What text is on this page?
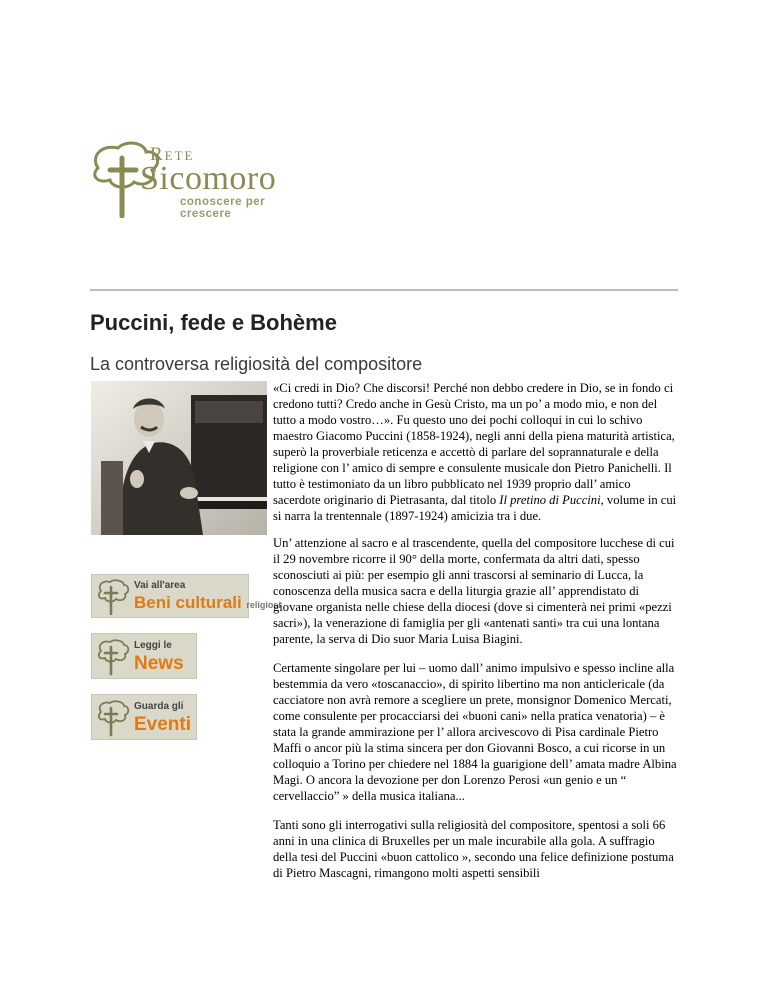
Rete
Sicomoro
conoscere per crescere
Puccini, fede e Bohème
La controversa religiosità del compositore
Vai all'area
Beni culturali religiosi
Leggi le
News
Guarda gli
Eventi

«Ci credi in Dio? Che discorsi! Perché non debbo credere in Dio, se in fondo ci credono tutti? Credo anche in Gesù Cristo, ma un po’ a modo mio, e non del tutto a modo vostro…». Fu questo uno dei pochi colloqui in cui lo schivo maestro Giacomo Puccini (1858-1924), negli anni della piena maturità artistica, superò la proverbiale reticenza e accettò di parlare del soprannaturale e della religione con l’ amico di sempre e consulente musicale don Pietro Panichelli. Il tutto è testimoniato da un libro pubblicato nel 1939 proprio dall’ amico sacerdote originario di Pietrasanta, dal titolo Il pretino di Puccini, volume in cui si narra la trentennale (1897-1924) amicizia tra i due.

Un’ attenzione al sacro e al trascendente, quella del compositore lucchese di cui il 29 novembre ricorre il 90° della morte, confermata da altri dati, spesso sconosciuti ai più: per esempio gli anni trascorsi al seminario di Lucca, la conoscenza della musica sacra e della liturgia grazie all’ apprendistato di giovane organista nelle chiese della diocesi (dove si cimenterà nei primi «pezzi sacri»), la venerazione di famiglia per gli «antenati santi» tra cui una lontana parente, la serva di Dio suor Maria Luisa Biagini.

Certamente singolare per lui – uomo dall’ animo impulsivo e spesso incline alla bestemmia da vero «toscanaccio», di spirito libertino ma non anticlericale (da cacciatore non avrà remore a scegliere un prete, monsignor Domenico Mercati, come consulente per procacciarsi dei «buoni cani» nella pratica venatoria) – è stata la grande ammirazione per l’ allora arcivescovo di Pisa cardinale Pietro Maffi o ancor più la stima sincera per don Giovanni Bosco, a cui ricorse in un colloquio a Torino per chiedere nel 1884 la guarigione dell’ amata madre Albina Magi. O ancora la devozione per don Lorenzo Perosi «un genio e un “ cervellaccio” » della musica italiana...

Tanti sono gli interrogativi sulla religiosità del compositore, spentosi a soli 66 anni in una clinica di Bruxelles per un male incurabile alla gola. A suffragio della tesi del Puccini «buon cattolico », secondo una felice definizione postuma di Pietro Mascagni, rimangono molti aspetti sensibili
